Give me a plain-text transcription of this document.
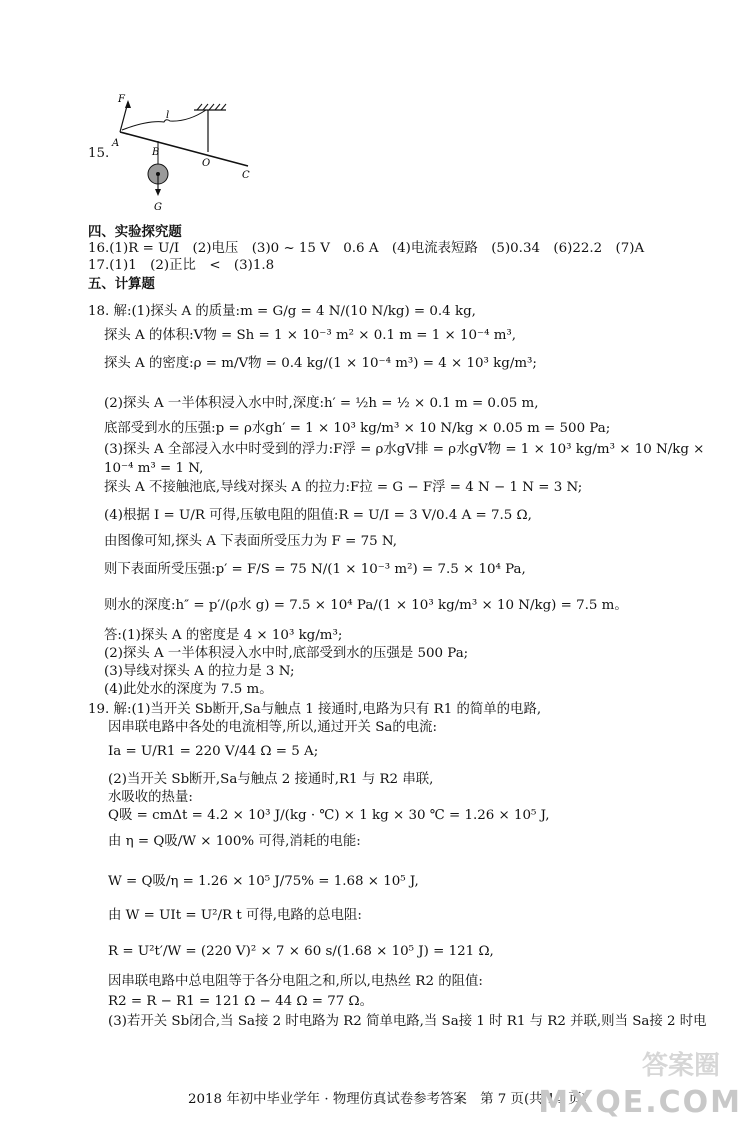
15.
F
l
A
B
O
C
G
四、实验探究题
16.(1)R = U/I　(2)电压　(3)0 ~ 15 V　0.6 A　(4)电流表短路　(5)0.34　(6)22.2　(7)A
17.(1)1　(2)正比　<　(3)1.8
五、计算题
18. 解:(1)探头 A 的质量:m = G/g = 4 N/(10 N/kg) = 0.4 kg,
探头 A 的体积:V物 = Sh = 1 × 10⁻³ m² × 0.1 m = 1 × 10⁻⁴ m³,
探头 A 的密度:ρ = m/V物 = 0.4 kg/(1 × 10⁻⁴ m³) = 4 × 10³ kg/m³;
(2)探头 A 一半体积浸入水中时,深度:h′ = ½h = ½ × 0.1 m = 0.05 m,
底部受到水的压强:p = ρ水gh′ = 1 × 10³ kg/m³ × 10 N/kg × 0.05 m = 500 Pa;
(3)探头 A 全部浸入水中时受到的浮力:F浮 = ρ水gV排 = ρ水gV物 = 1 × 10³ kg/m³ × 10 N/kg ×
10⁻⁴ m³ = 1 N,
探头 A 不接触池底,导线对探头 A 的拉力:F拉 = G − F浮 = 4 N − 1 N = 3 N;
(4)根据 I = U/R 可得,压敏电阻的阻值:R = U/I = 3 V/0.4 A = 7.5 Ω,
由图像可知,探头 A 下表面所受压力为 F = 75 N,
则下表面所受压强:p′ = F/S = 75 N/(1 × 10⁻³ m²) = 7.5 × 10⁴ Pa,
则水的深度:h″ = p′/(ρ水 g) = 7.5 × 10⁴ Pa/(1 × 10³ kg/m³ × 10 N/kg) = 7.5 m。
答:(1)探头 A 的密度是 4 × 10³ kg/m³;
(2)探头 A 一半体积浸入水中时,底部受到水的压强是 500 Pa;
(3)导线对探头 A 的拉力是 3 N;
(4)此处水的深度为 7.5 m。
19. 解:(1)当开关 Sb断开,Sa与触点 1 接通时,电路为只有 R1 的简单的电路,
因串联电路中各处的电流相等,所以,通过开关 Sa的电流:
Ia = U/R1 = 220 V/44 Ω = 5 A;
(2)当开关 Sb断开,Sa与触点 2 接通时,R1 与 R2 串联,
水吸收的热量:
Q吸 = cmΔt = 4.2 × 10³ J/(kg · ℃) × 1 kg × 30 ℃ = 1.26 × 10⁵ J,
由 η = Q吸/W × 100% 可得,消耗的电能:
W = Q吸/η = 1.26 × 10⁵ J/75% = 1.68 × 10⁵ J,
由 W = UIt = U²/R t 可得,电路的总电阻:
R = U²t′/W = (220 V)² × 7 × 60 s/(1.68 × 10⁵ J) = 121 Ω,
因串联电路中总电阻等于各分电阻之和,所以,电热丝 R2 的阻值:
R2 = R − R1 = 121 Ω − 44 Ω = 77 Ω。
(3)若开关 Sb闭合,当 Sa接 2 时电路为 R2 简单电路,当 Sa接 1 时 R1 与 R2 并联,则当 Sa接 2 时电
2018 年初中毕业学年 · 物理仿真试卷参考答案　第 7 页(共 14 页)
答案圈
MXQE.COM
